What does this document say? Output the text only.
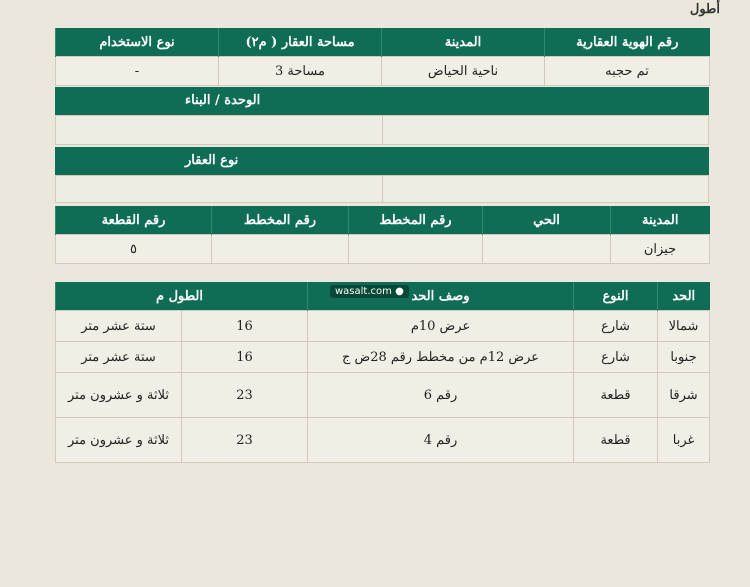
أطول
رقم الهوية العقارية	المدينة	مساحة العقار ( م٢)	نوع الاستخدام
تم حجبه	ناحية الحياض	مساحة 3	-
الوحدة / البناء
نوع العقار
المدينة	الحي	رقم المخطط	رقم المخطط	رقم القطعة
جيزان				٥
الحد	النوع	وصف الحد	الطول م	
شمالا	شارع	عرض 10م	16	ستة عشر متر
جنوبا	شارع	عرض 12م من مخطط رقم 28ض ج	16	ستة عشر متر
شرقا	قطعة	رقم 6	23	ثلاثة و عشرون متر
غربا	قطعة	رقم 4	23	ثلاثة و عشرون متر
wasalt.com ●
